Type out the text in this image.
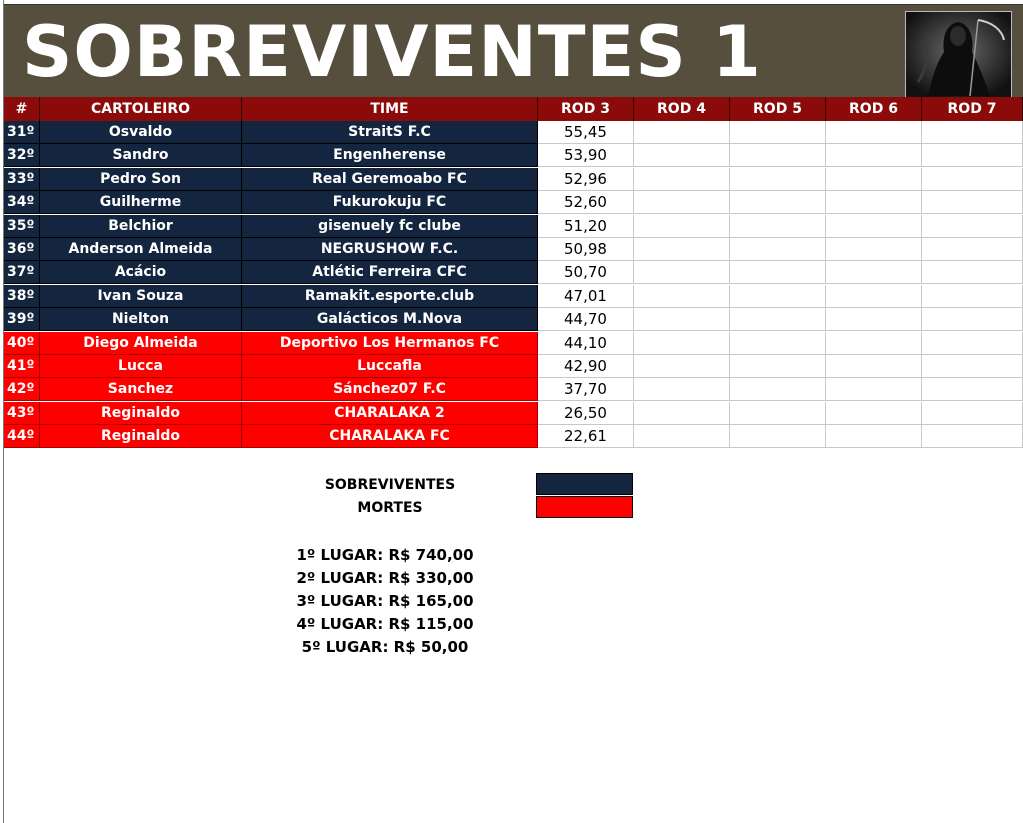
SOBREVIVENTES 1
#	CARTOLEIRO	TIME	ROD 3	ROD 4	ROD 5	ROD 6	ROD 7
31º	Osvaldo	StraitS F.C	55,45
32º	Sandro	Engenherense	53,90
33º	Pedro Son	Real Geremoabo FC	52,96
34º	Guilherme	Fukurokuju FC	52,60
35º	Belchior	gisenuely fc clube	51,20
36º	Anderson Almeida	NEGRUSHOW F.C.	50,98
37º	Acácio	Atlétic Ferreira CFC	50,70
38º	Ivan Souza	Ramakit.esporte.club	47,01
39º	Nielton	Galácticos M.Nova	44,70
40º	Diego Almeida	Deportivo Los Hermanos FC	44,10
41º	Lucca	Luccafla	42,90
42º	Sanchez	Sánchez07 F.C	37,70
43º	Reginaldo	CHARALAKA 2	26,50
44º	Reginaldo	CHARALAKA FC	22,61
SOBREVIVENTES
MORTES
1º LUGAR: R$ 740,00
2º LUGAR: R$ 330,00
3º LUGAR: R$ 165,00
4º LUGAR: R$ 115,00
5º LUGAR: R$ 50,00
